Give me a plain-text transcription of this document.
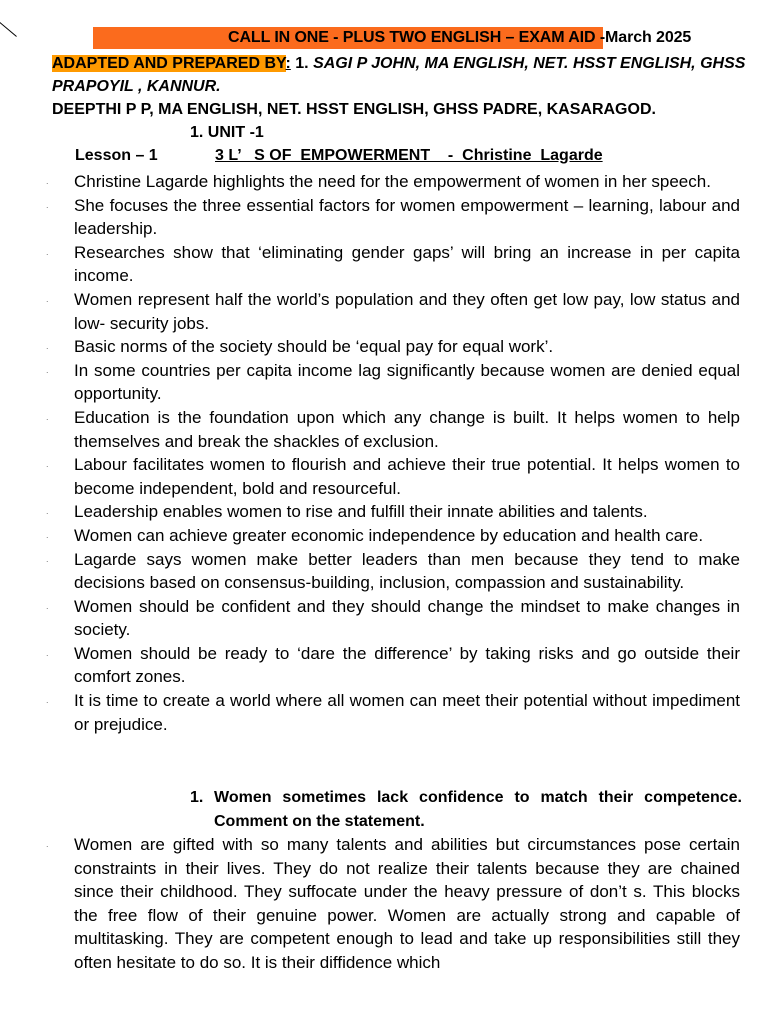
CALL IN ONE - PLUS TWO ENGLISH – EXAM AID -March 2025
ADAPTED AND PREPARED BY: 1. SAGI P JOHN, MA ENGLISH, NET. HSST ENGLISH, GHSS PRAPOYIL , KANNUR.
DEEPTHI P P, MA ENGLISH, NET. HSST ENGLISH, GHSS PADRE, KASARAGOD.
1. UNIT -1
Lesson – 1	3 L’   S OF  EMPOWERMENT    -  Christine  Lagarde
. Christine Lagarde highlights the need for the empowerment of women in her speech.
. She focuses the three essential factors for women empowerment – learning, labour and leadership.
. Researches show that ‘eliminating gender gaps’ will bring an increase in per capita income.
. Women represent half the world’s population and they often get low pay, low status and low- security jobs.
. Basic norms of the society should be ‘equal pay for equal work’.
. In some countries per capita income lag significantly because women are denied equal opportunity.
. Education is the foundation upon which any change is built. It helps women to help themselves and break the shackles of exclusion.
. Labour facilitates women to flourish and achieve their true potential. It helps women to become independent, bold and resourceful.
. Leadership enables women to rise and fulfill their innate abilities and talents.
. Women can achieve greater economic independence by education and health care.
. Lagarde says women make better leaders than men because they tend to make decisions based on consensus-building, inclusion, compassion and sustainability.
. Women should be confident and they should change the mindset to make changes in society.
. Women should be ready to ‘dare the difference’ by taking risks and go outside their comfort zones.
. It is time to create a world where all women can meet their potential without impediment or prejudice.
1. Women sometimes lack confidence to match their competence. Comment on the statement.

. Women are gifted with so many talents and abilities but circumstances pose certain constraints in their lives. They do not realize their talents because they are chained since their childhood. They suffocate under the heavy pressure of don’t s. This blocks the free flow of their genuine power. Women are actually strong and capable of multitasking. They are competent enough to lead and take up responsibilities still they often hesitate to do so. It is their diffidence which
